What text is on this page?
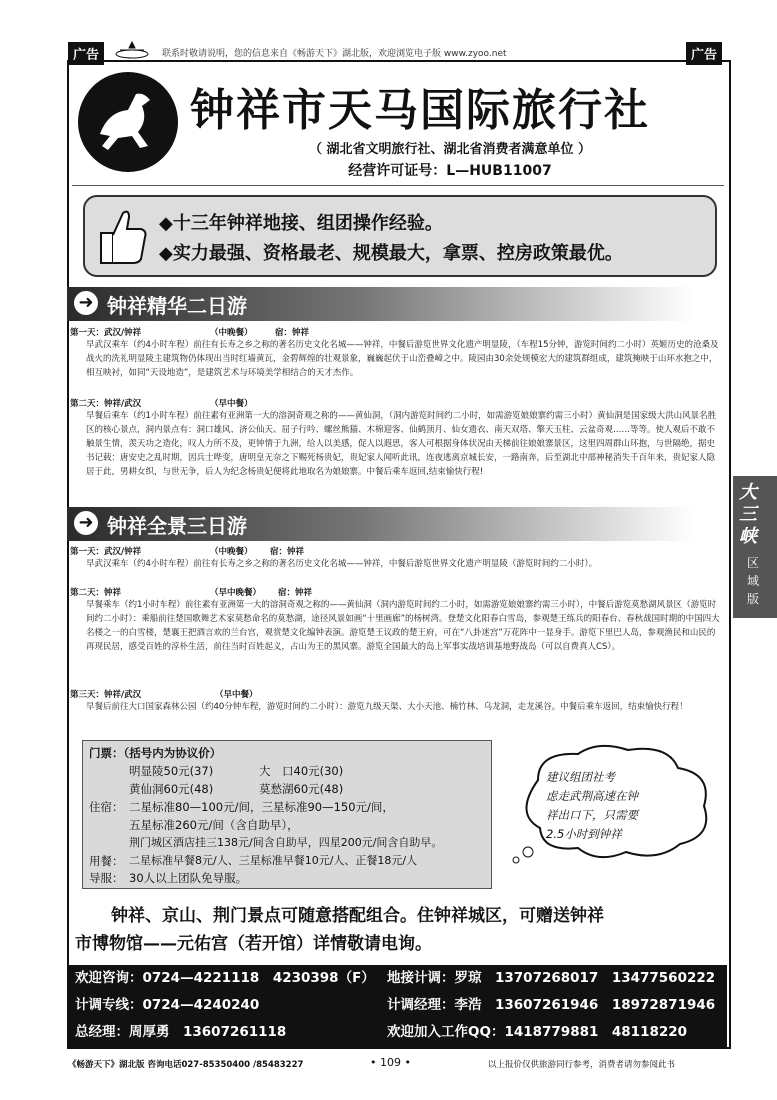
广告	联系时敬请说明，您的信息来自《畅游天下》湖北版，欢迎浏览电子版 www.zyoo.net	广告
钟祥市天马国际旅行社
（ 湖北省文明旅行社、湖北省消费者满意单位 ）
经营许可证号：L—HUB11007
◆十三年钟祥地接、组团操作经验。
◆实力最强、资格最老、规模最大，拿票、控房政策最优。
➜ 钟祥精华二日游
第一天：武汉/钟祥	（中晚餐）	宿：钟祥
早武汉乘车（约4小时车程）前往有长寿之乡之称的著名历史文化名城——钟祥，中餐后游览世界文化遗产明显陵，（车程15分钟，游览时间约二小时）英姬历史的沧桑及战火的洗礼明显陵主建筑物仍体现出当时红墙黄瓦，金碧辉煌的壮观景象，巍巍起伏于山峦叠嶂之中。陵园由30余处规模宏大的建筑群组成，建筑掩映于山环水抱之中，相互映衬，如同“天设地造”，是建筑艺术与环境美学相结合的天才杰作。
第二天：钟祥/武汉	（早中餐）
早餐后乘车（约1小时车程）前往素有亚洲第一大的溶洞奇观之称的——黄仙洞，（洞内游览时间约二小时，如需游览娘娘寨约需三小时）黄仙洞是国家级大洪山风景名胜区的核心景点，洞内景点有：洞口雄风、济公仙天、屈子行吟、螺丝熊猫、木棉迎客、仙鹤顶月、仙女遗衣、南天双塔、擎天玉柱、云盆奇观……等等。使人观后不敢不触景生情，羡天功之造化，叹人力所不及，更钟情于九洲，给人以美感，促人以遐思，客人可根据身体状况由天梯前往娘娘寨景区，这里四周群山环抱，与世隔绝，据史书记载：唐安史之乱时期，因兵士哗变，唐明皇无奈之下赐死杨贵妃，贵妃家人闻听此讯，连夜逃离京城长安，一路南奔，后至湖北中部神秘消失千百年来，贵妃家人隐居于此，男耕女织，与世无争，后人为纪念杨贵妃便将此地取名为娘娘寨。中餐后乘车返回,结束愉快行程!
➜ 钟祥全景三日游
第一天：武汉/钟祥	（中晚餐） 宿：钟祥
早武汉乘车（约4小时车程）前往有长寿之乡之称的著名历史文化名城——钟祥，中餐后游览世界文化遗产明显陵（游览时间约二小时）。
第二天：钟祥	（早中晚餐） 宿：钟祥
早餐乘车（约1小时车程）前往素有亚洲第一大的溶洞奇观之称的——黄仙洞（洞内游览时间约二小时，如需游览娘娘寨约需三小时），中餐后游览莫愁湖风景区（游览时间约二小时）：乘船前往楚国歌舞艺术家莫愁命名的莫愁湖，途径风景如画“十里画廊”的杨树湾。登楚文化阳春白雪岛，参观楚王练兵的阳春台、春秋战国时期的中国四大名楼之一的白雪楼，楚襄王把酒言欢的兰台宫，观赏楚文化编钟表演。游览楚王议政的楚王府，可在“八卦迷宫”万花阵中一显身手。游览下里巴人岛，参观渔民和山民的再现民居，感受百姓的淳朴生活，前往当时百姓起义，占山为王的黑风寨。游览全国最大的岛上军事实战培训基地野战岛（可以自费真人CS）。
第三天：钟祥/武汉	（早中餐）
早餐后前往大口国家森林公园（约40分钟车程，游览时间约二小时）：游览九级天渠、大小天池、楠竹林、乌龙洞，走龙溪谷。中餐后乘车返回，结束愉快行程！
门票：（括号内为协议价）
明显陵50元(37)	大　口40元(30)
黄仙洞60元(48)	莫愁湖60元(48)
住宿： 二星标准80—100元/间，三星标准90—150元/间，
五星标准260元/间（含自助早），
荆门城区酒店挂三138元/间含自助早，四星200元/间含自助早。
用餐： 二星标准早餐8元/人、三星标准早餐10元/人、正餐18元/人
导服： 30人以上团队免导服。
建议组团社考
虑走武荆高速在钟
祥出口下，只需要
2.5小时到钟祥
钟祥、京山、荆门景点可随意搭配组合。住钟祥城区，可赠送钟祥
市博物馆——元佑宫（若开馆）详情敬请电询。
欢迎咨询：0724—4221118　4230398（F） 地接计调：罗琼　13707268017　13477560222
计调专线：0724—4240240	计调经理：李浩　13607261946　18972871946
总经理：周厚勇　13607261118	欢迎加入工作QQ：1418779881　48118220
大三峡
区域版
《畅游天下》湖北版 咨询电话027-85350400 /85483227	• 109 •	以上报价仅供旅游同行参考，消费者请勿参阅此书
